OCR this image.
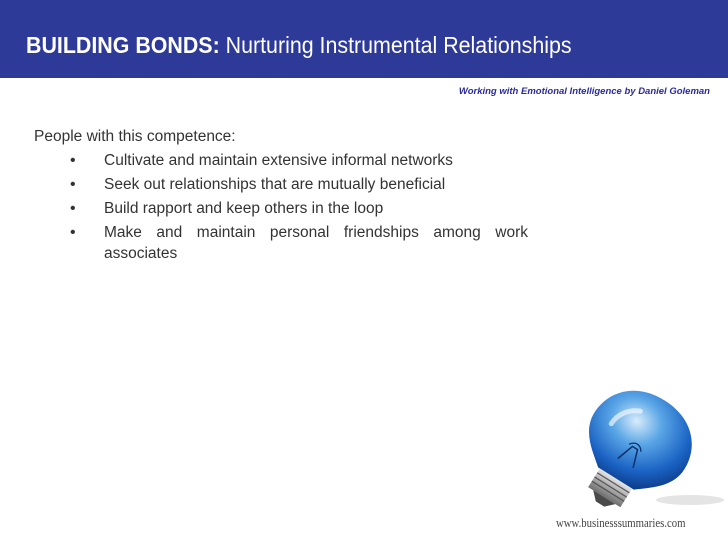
BUILDING BONDS: Nurturing Instrumental Relationships
Working with Emotional Intelligence by Daniel Goleman

People with this competence:

• Cultivate and maintain extensive informal networks
• Seek out relationships that are mutually beneficial
• Build rapport and keep others in the loop
• Make and maintain personal friendships among work associates
www.businesssummaries.com
